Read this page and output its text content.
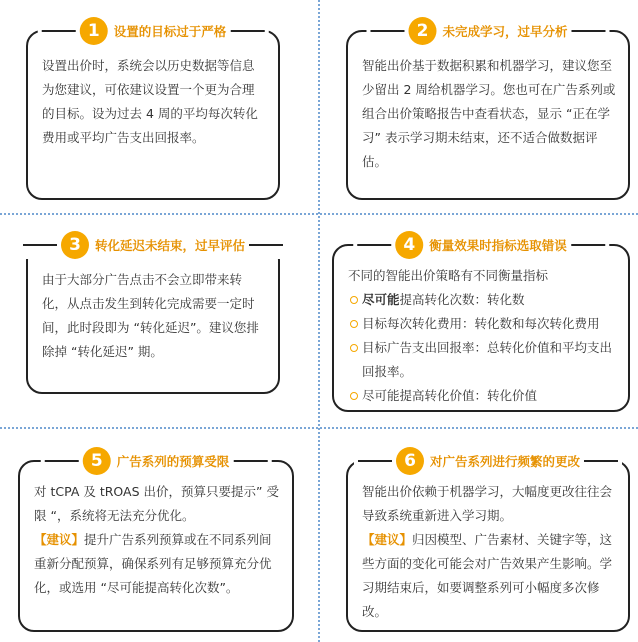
1	设置的目标过于严格

设置出价时，系统会以历史数据等信息为您建议，可依建议设置一个更为合理的目标。设为过去 4 周的平均每次转化费用或平均广告支出回报率。

2	未完成学习，过早分析

智能出价基于数据积累和机器学习，建议您至少留出 2 周给机器学习。您也可在广告系列或组合出价策略报告中查看状态，显示 “正在学习” 表示学习期未结束，还不适合做数据评估。

3	转化延迟未结束，过早评估

由于大部分广告点击不会立即带来转化，从点击发生到转化完成需要一定时间，此时段即为 “转化延迟”。建议您排除掉 “转化延迟” 期。

4	衡量效果时指标选取错误

不同的智能出价策略有不同衡量指标

尽可能提高转化次数：转化数
目标每次转化费用：转化数和每次转化费用
目标广告支出回报率：总转化价值和平均支出回报率。
尽可能提高转化价值：转化价值
5	广告系列的预算受限

对 tCPA 及 tROAS 出价，预算只要提示” 受限 “，系统将无法充分优化。

【建议】提升广告系列预算或在不同系列间重新分配预算，确保系列有足够预算充分优化，或选用 “尽可能提高转化次数”。

6	对广告系列进行频繁的更改

智能出价依赖于机器学习，大幅度更改往往会导致系统重新进入学习期。

【建议】归因模型、广告素材、关键字等，这些方面的变化可能会对广告效果产生影响。学习期结束后，如要调整系列可小幅度多次修改。
